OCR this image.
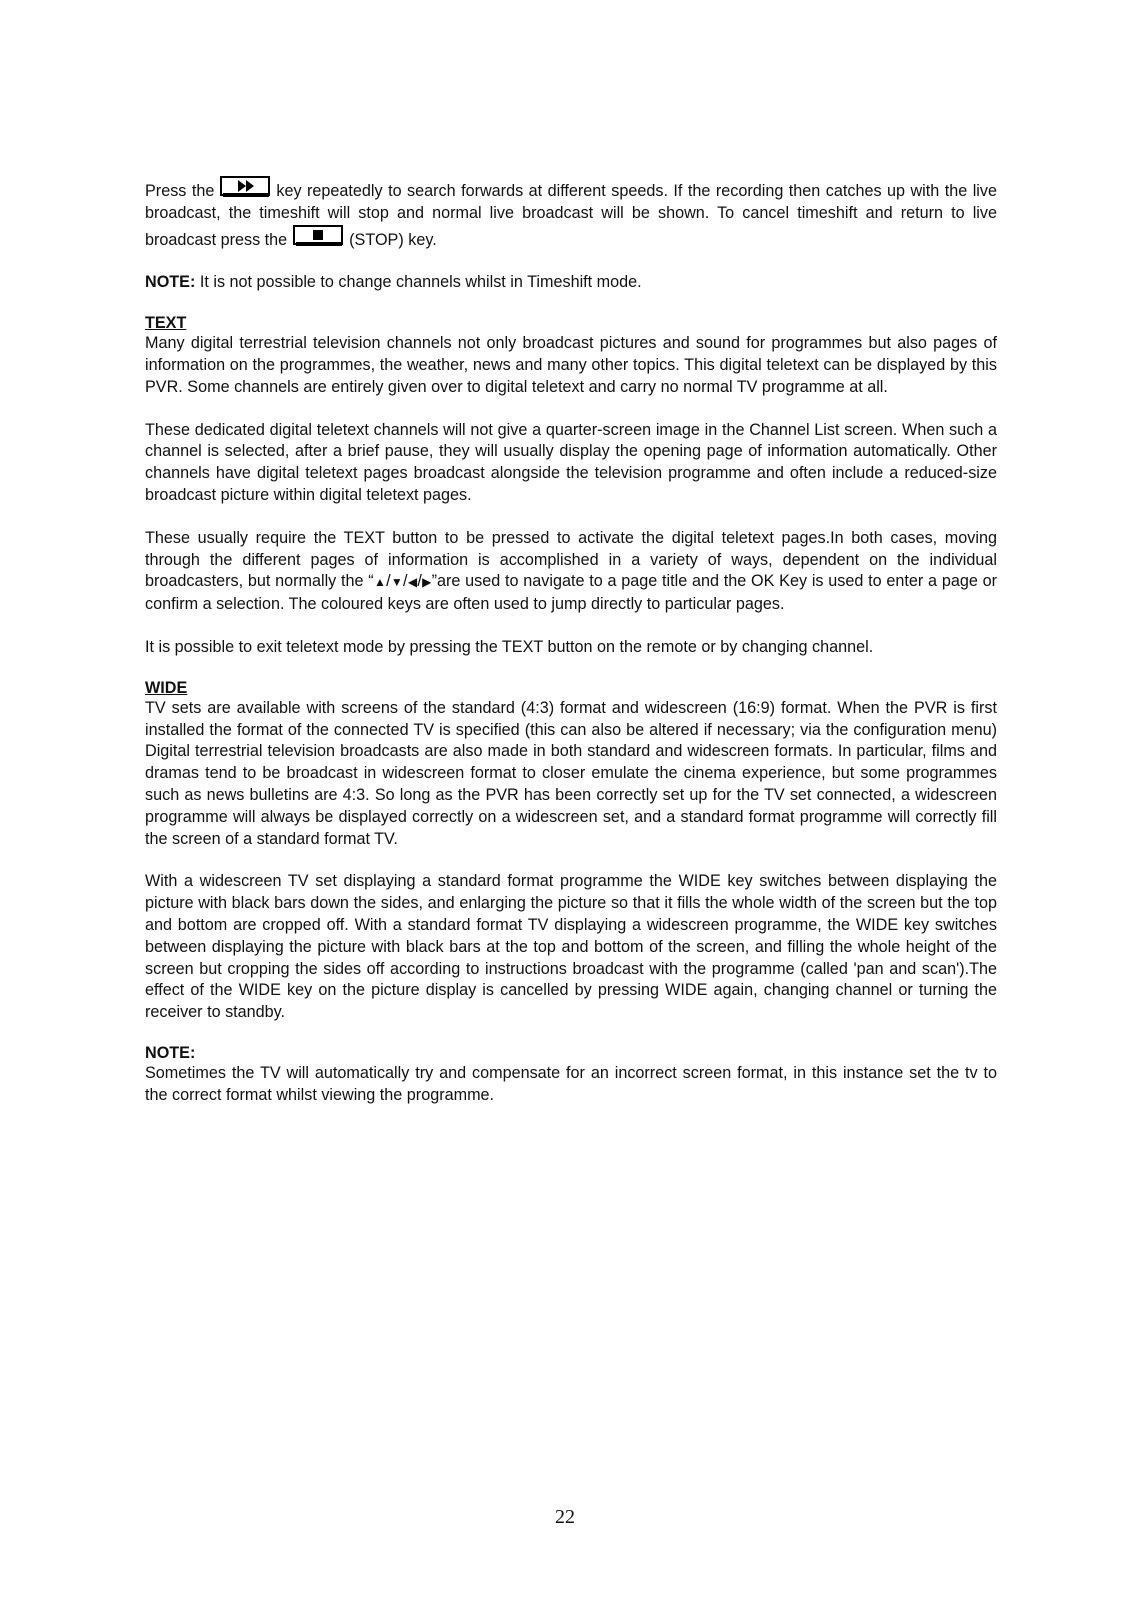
Press the	key repeatedly to search forwards at different speeds. If the recording then catches up with the live broadcast, the timeshift will stop and normal live broadcast will be shown. To cancel timeshift and return to live broadcast press the	(STOP) key.

NOTE: It is not possible to change channels whilst in Timeshift mode.

TEXT

Many digital terrestrial television channels not only broadcast pictures and sound for programmes but also pages of information on the programmes, the weather, news and many other topics. This digital teletext can be displayed by this PVR. Some channels are entirely given over to digital teletext and carry no normal TV programme at all.

These dedicated digital teletext channels will not give a quarter-screen image in the Channel List screen. When such a channel is selected, after a brief pause, they will usually display the opening page of information automatically. Other channels have digital teletext pages broadcast alongside the television programme and often include a reduced-size broadcast picture within digital teletext pages.

These usually require the TEXT button to be pressed to activate the digital teletext pages.In both cases, moving through the different pages of information is accomplished in a variety of ways, dependent on the individual broadcasters, but normally the “▲/▼/◀/▶”are used to navigate to a page title and the OK Key is used to enter a page or confirm a selection. The coloured keys are often used to jump directly to particular pages.

It is possible to exit teletext mode by pressing the TEXT button on the remote or by changing channel.

WIDE

TV sets are available with screens of the standard (4:3) format and widescreen (16:9) format. When the PVR is first installed the format of the connected TV is specified (this can also be altered if necessary; via the configuration menu) Digital terrestrial television broadcasts are also made in both standard and widescreen formats. In particular, films and dramas tend to be broadcast in widescreen format to closer emulate the cinema experience, but some programmes such as news bulletins are 4:3. So long as the PVR has been correctly set up for the TV set connected, a widescreen programme will always be displayed correctly on a widescreen set, and a standard format programme will correctly fill the screen of a standard format TV.

With a widescreen TV set displaying a standard format programme the WIDE key switches between displaying the picture with black bars down the sides, and enlarging the picture so that it fills the whole width of the screen but the top and bottom are cropped off. With a standard format TV displaying a widescreen programme, the WIDE key switches between displaying the picture with black bars at the top and bottom of the screen, and filling the whole height of the screen but cropping the sides off according to instructions broadcast with the programme (called 'pan and scan').The effect of the WIDE key on the picture display is cancelled by pressing WIDE again, changing channel or turning the receiver to standby.

NOTE:

Sometimes the TV will automatically try and compensate for an incorrect screen format, in this instance set the tv to the correct format whilst viewing the programme.

22
